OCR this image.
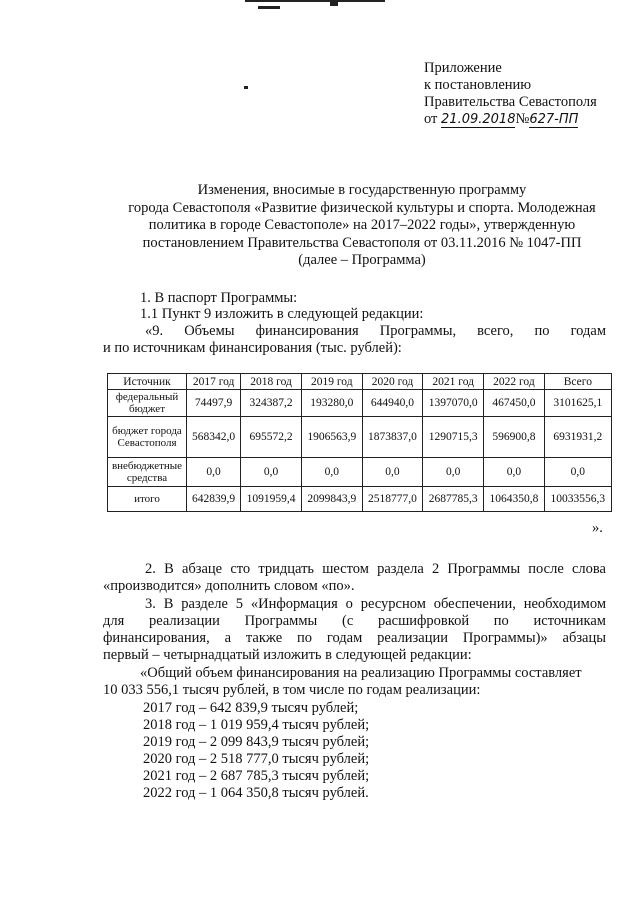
Приложение
к постановлению
Правительства Севастополя
от 21.09.2018№627-ПП
Изменения, вносимые в государственную программу
города Севастополя «Развитие физической культуры и спорта. Молодежная
политика в городе Севастополе» на 2017–2022 годы», утвержденную
постановлением Правительства Севастополя от 03.11.2016 № 1047-ПП
(далее – Программа)
1. В паспорт Программы:
1.1 Пункт 9 изложить в следующей редакции:
«9. Объемы финансирования Программы, всего, по годам
и по источникам финансирования (тыс. рублей):
Источник	2017 год	2018 год	2019 год	2020 год	2021 год	2022 год	Всего
федеральный бюджет	74497,9	324387,2	193280,0	644940,0	1397070,0	467450,0	3101625,1
бюджет города Севастополя	568342,0	695572,2	1906563,9	1873837,0	1290715,3	596900,8	6931931,2
внебюджетные средства	0,0	0,0	0,0	0,0	0,0	0,0	0,0
итого	642839,9	1091959,4	2099843,9	2518777,0	2687785,3	1064350,8	10033556,3
».
2. В абзаце сто тридцать шестом раздела 2 Программы после слова
«производится» дополнить словом «по».
3. В разделе 5 «Информация о ресурсном обеспечении, необходимом
для реализации Программы (с расшифровкой по источникам
финансирования, а также по годам реализации Программы)» абзацы
первый – четырнадцатый изложить в следующей редакции:
«Общий объем финансирования на реализацию Программы составляет
10 033 556,1 тысяч рублей, в том числе по годам реализации:
2017 год – 642 839,9 тысяч рублей;
2018 год – 1 019 959,4 тысяч рублей;
2019 год – 2 099 843,9 тысяч рублей;
2020 год – 2 518 777,0 тысяч рублей;
2021 год – 2 687 785,3 тысяч рублей;
2022 год – 1 064 350,8 тысяч рублей.
